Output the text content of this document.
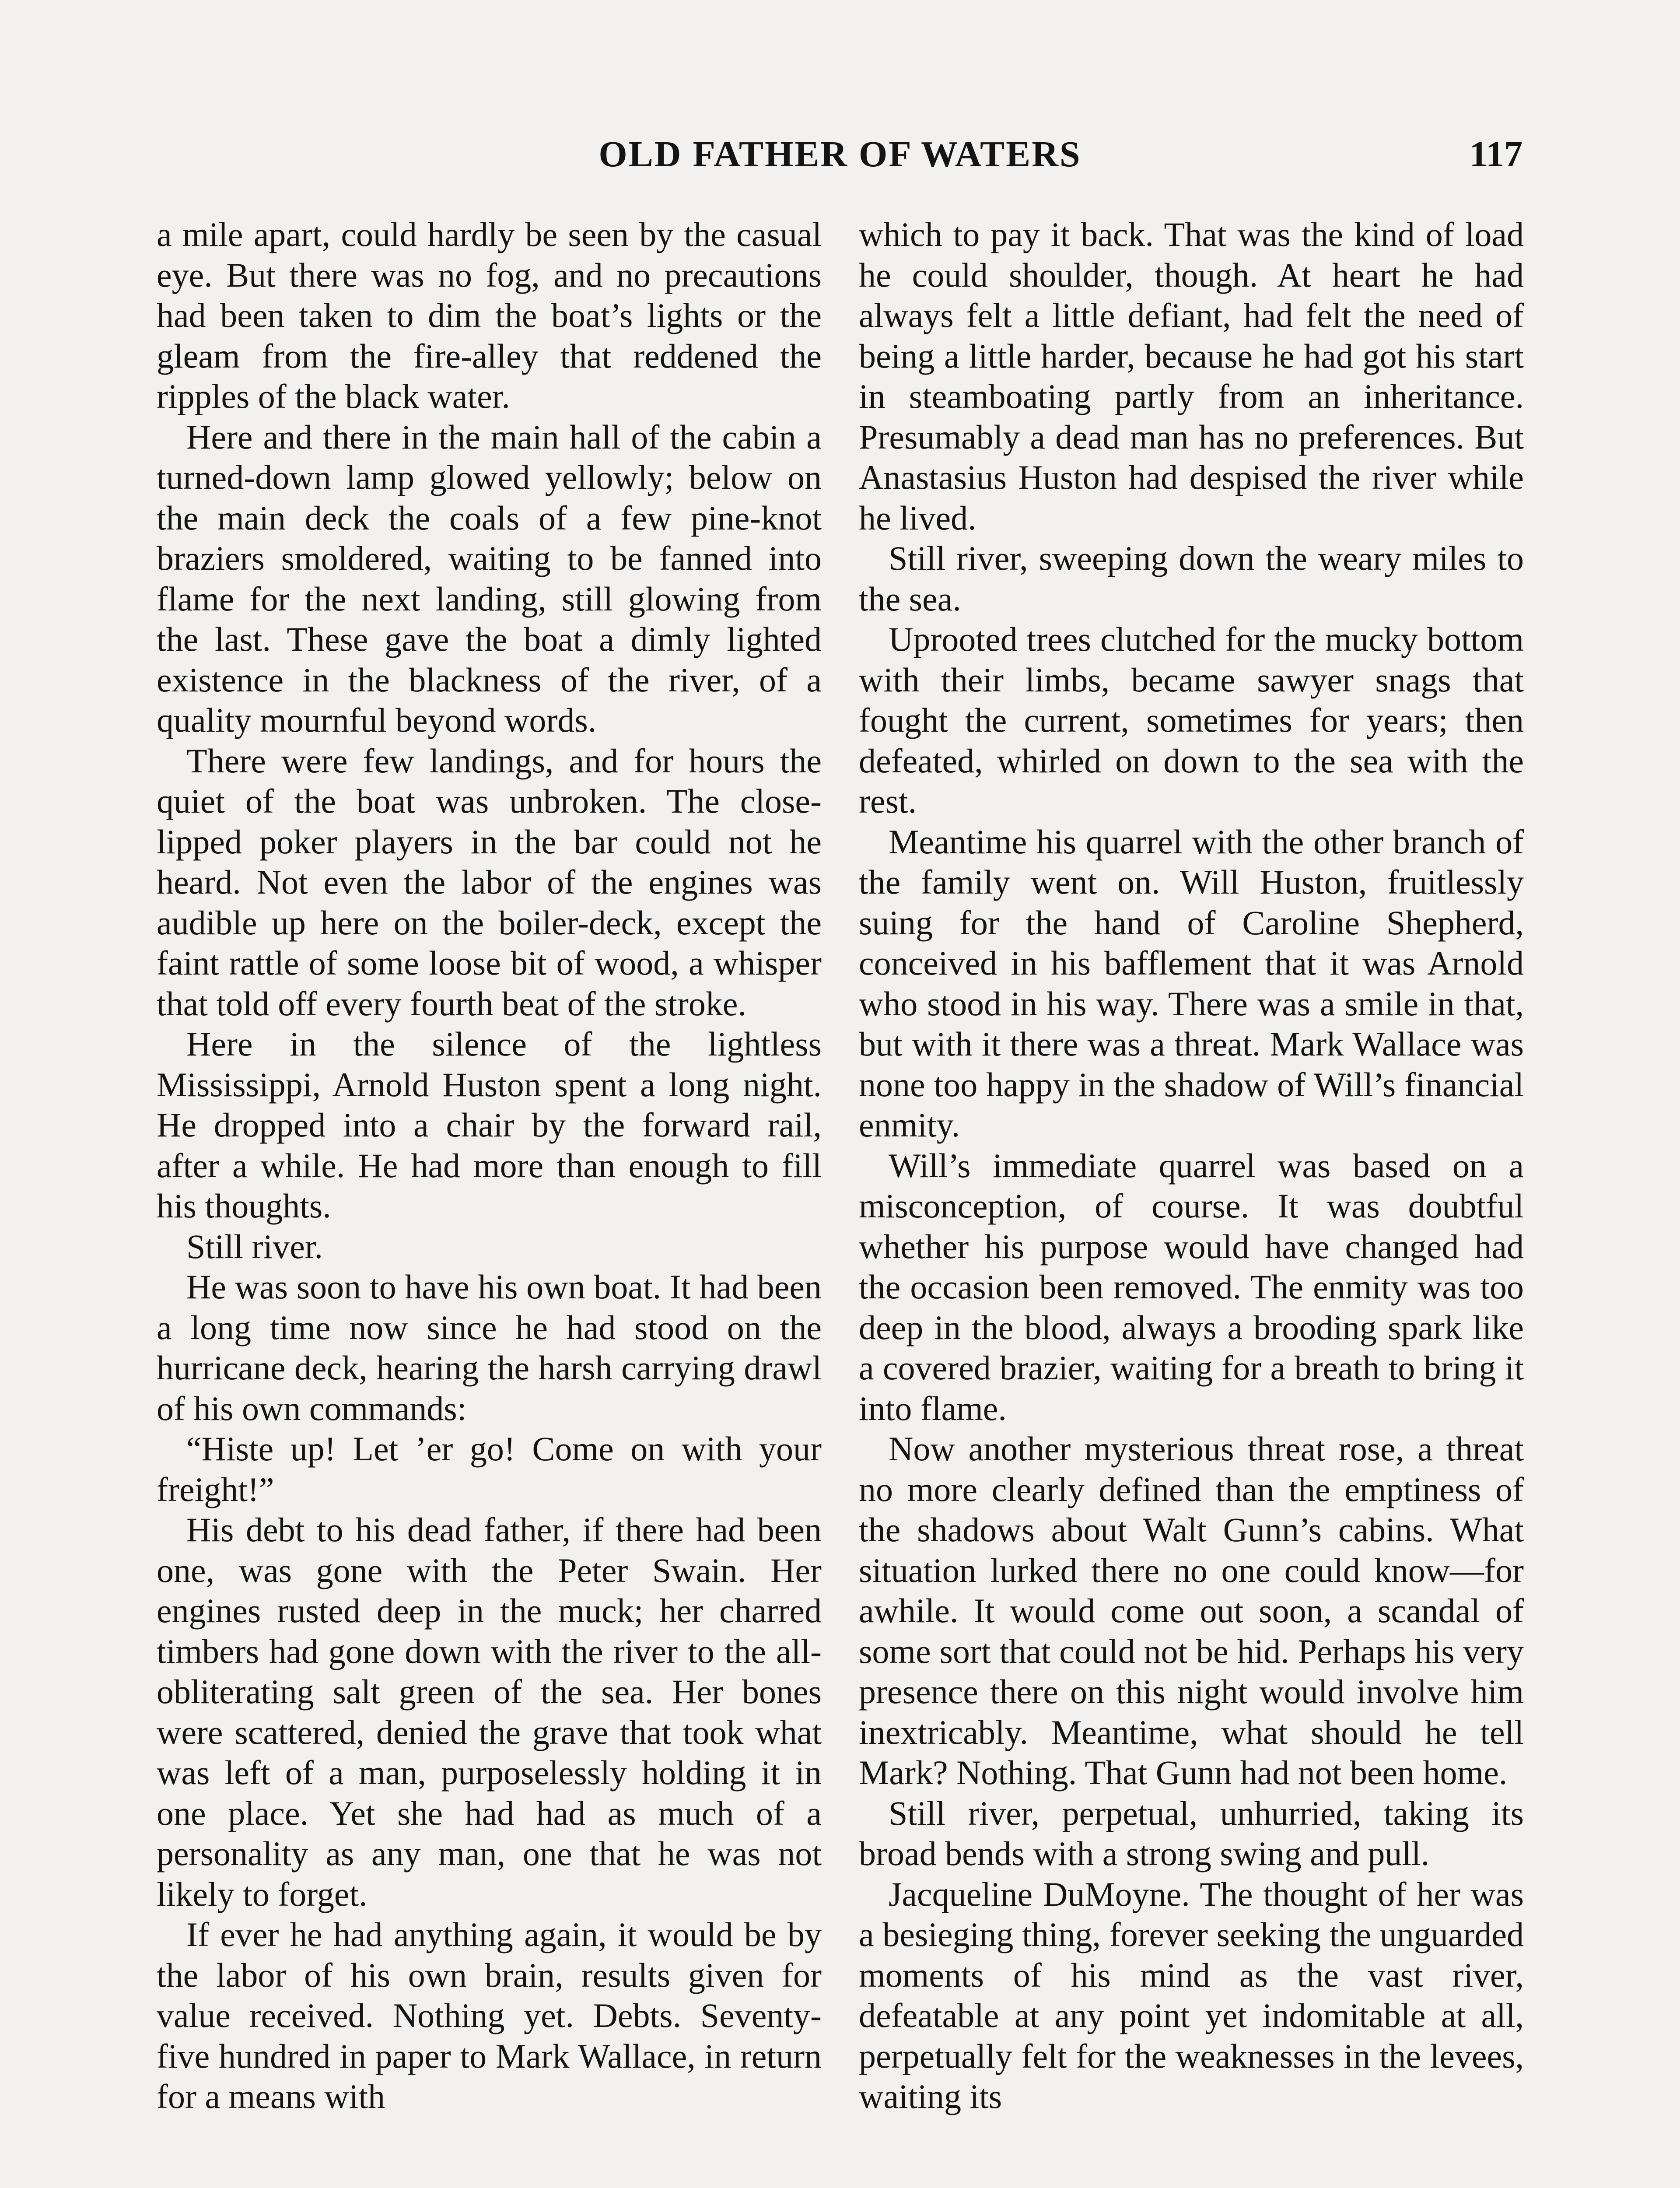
OLD FATHER OF WATERS	117

a mile apart, could hardly be seen by the casual eye. But there was no fog, and no precautions had been taken to dim the boat’s lights or the gleam from the fire-alley that reddened the ripples of the black water.

Here and there in the main hall of the cabin a turned-down lamp glowed yellowly; below on the main deck the coals of a few pine-knot braziers smoldered, waiting to be fanned into flame for the next landing, still glowing from the last. These gave the boat a dimly lighted existence in the blackness of the river, of a quality mournful beyond words.

There were few landings, and for hours the quiet of the boat was unbroken. The close-lipped poker players in the bar could not he heard. Not even the labor of the engines was audible up here on the boiler-deck, except the faint rattle of some loose bit of wood, a whisper that told off every fourth beat of the stroke.

Here in the silence of the lightless Mississippi, Arnold Huston spent a long night. He dropped into a chair by the forward rail, after a while. He had more than enough to fill his thoughts.

Still river.

He was soon to have his own boat. It had been a long time now since he had stood on the hurricane deck, hearing the harsh carrying drawl of his own commands:

“Histe up! Let ’er go! Come on with your freight!”

His debt to his dead father, if there had been one, was gone with the Peter Swain. Her engines rusted deep in the muck; her charred timbers had gone down with the river to the all-obliterating salt green of the sea. Her bones were scattered, denied the grave that took what was left of a man, purposelessly holding it in one place. Yet she had had as much of a personality as any man, one that he was not likely to forget.

If ever he had anything again, it would be by the labor of his own brain, results given for value received. Nothing yet. Debts. Seventy-five hundred in paper to Mark Wallace, in return for a means with

which to pay it back. That was the kind of load he could shoulder, though. At heart he had always felt a little defiant, had felt the need of being a little harder, because he had got his start in steamboating partly from an inheritance. Presumably a dead man has no preferences. But Anastasius Huston had despised the river while he lived.

Still river, sweeping down the weary miles to the sea.

Uprooted trees clutched for the mucky bottom with their limbs, became sawyer snags that fought the current, sometimes for years; then defeated, whirled on down to the sea with the rest.

Meantime his quarrel with the other branch of the family went on. Will Huston, fruitlessly suing for the hand of Caroline Shepherd, conceived in his bafflement that it was Arnold who stood in his way. There was a smile in that, but with it there was a threat. Mark Wallace was none too happy in the shadow of Will’s financial enmity.

Will’s immediate quarrel was based on a misconception, of course. It was doubtful whether his purpose would have changed had the occasion been removed. The enmity was too deep in the blood, always a brooding spark like a covered brazier, waiting for a breath to bring it into flame.

Now another mysterious threat rose, a threat no more clearly defined than the emptiness of the shadows about Walt Gunn’s cabins. What situation lurked there no one could know—for awhile. It would come out soon, a scandal of some sort that could not be hid. Perhaps his very presence there on this night would involve him inextricably. Meantime, what should he tell Mark? Nothing. That Gunn had not been home.

Still river, perpetual, unhurried, taking its broad bends with a strong swing and pull.

Jacqueline DuMoyne. The thought of her was a besieging thing, forever seeking the unguarded moments of his mind as the vast river, defeatable at any point yet indomitable at all, perpetually felt for the weaknesses in the levees, waiting its
